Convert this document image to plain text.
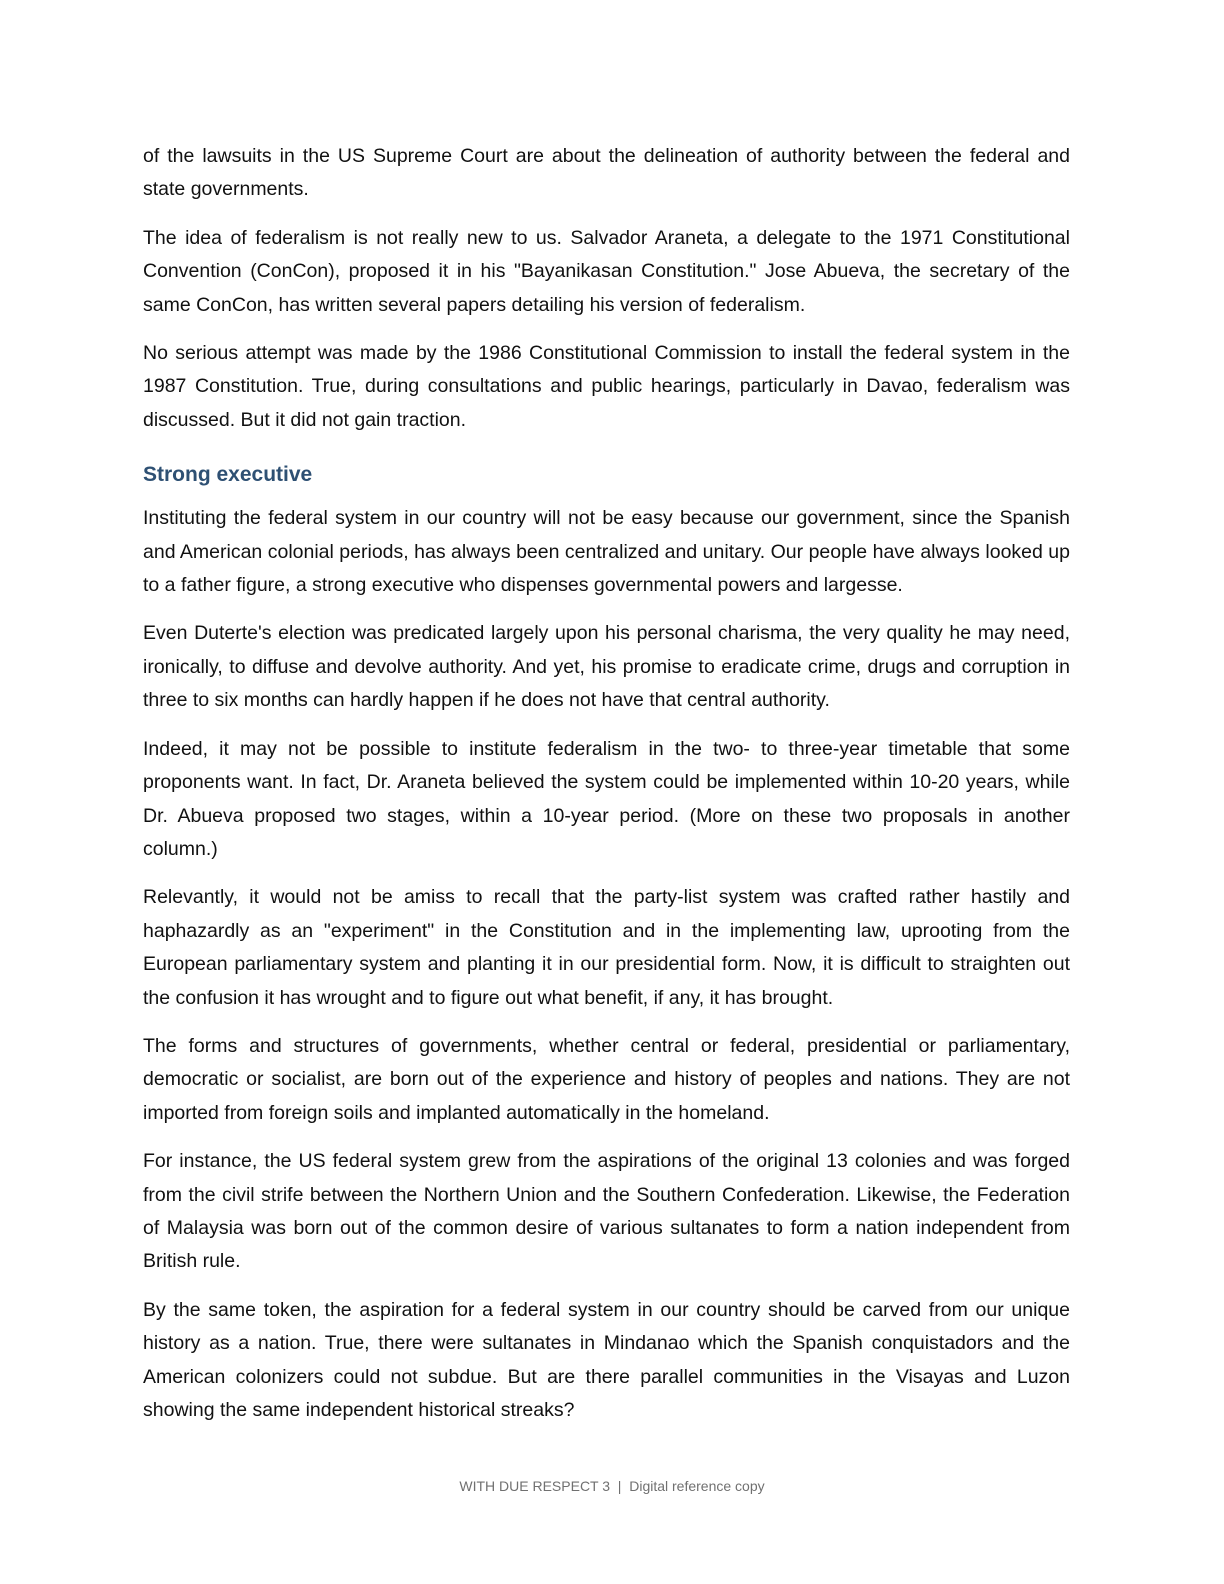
of the lawsuits in the US Supreme Court are about the delineation of authority between the federal and state governments.

The idea of federalism is not really new to us. Salvador Araneta, a delegate to the 1971 Constitutional Convention (ConCon), proposed it in his "Bayanikasan Constitution." Jose Abueva, the secretary of the same ConCon, has written several papers detailing his version of federalism.

No serious attempt was made by the 1986 Constitutional Commission to install the federal system in the 1987 Constitution. True, during consultations and public hearings, particularly in Davao, federalism was discussed. But it did not gain traction.

Strong executive

Instituting the federal system in our country will not be easy because our government, since the Spanish and American colonial periods, has always been centralized and unitary. Our people have always looked up to a father figure, a strong executive who dispenses governmental powers and largesse.

Even Duterte's election was predicated largely upon his personal charisma, the very quality he may need, ironically, to diffuse and devolve authority. And yet, his promise to eradicate crime, drugs and corruption in three to six months can hardly happen if he does not have that central authority.

Indeed, it may not be possible to institute federalism in the two- to three-year timetable that some proponents want. In fact, Dr. Araneta believed the system could be implemented within 10-20 years, while Dr. Abueva proposed two stages, within a 10-year period. (More on these two proposals in another column.)

Relevantly, it would not be amiss to recall that the party-list system was crafted rather hastily and haphazardly as an "experiment" in the Constitution and in the implementing law, uprooting from the European parliamentary system and planting it in our presidential form. Now, it is difficult to straighten out the confusion it has wrought and to figure out what benefit, if any, it has brought.

The forms and structures of governments, whether central or federal, presidential or parliamentary, democratic or socialist, are born out of the experience and history of peoples and nations. They are not imported from foreign soils and implanted automatically in the homeland.

For instance, the US federal system grew from the aspirations of the original 13 colonies and was forged from the civil strife between the Northern Union and the Southern Confederation. Likewise, the Federation of Malaysia was born out of the common desire of various sultanates to form a nation independent from British rule.

By the same token, the aspiration for a federal system in our country should be carved from our unique history as a nation. True, there were sultanates in Mindanao which the Spanish conquistadors and the American colonizers could not subdue. But are there parallel communities in the Visayas and Luzon showing the same independent historical streaks?

WITH DUE RESPECT 3  |  Digital reference copy
